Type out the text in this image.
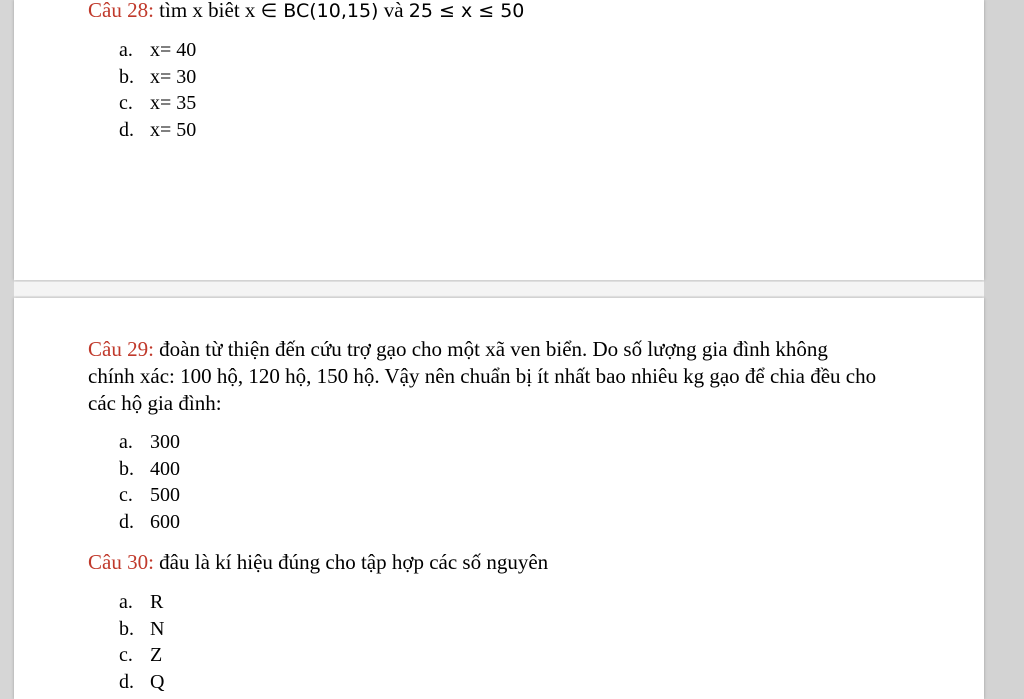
Câu 28: tìm x biêt x ∈ BC(10,15) và 25 ≤ x ≤ 50
a. x= 40
b. x= 30
c. x= 35
d. x= 50
Câu 29: đoàn từ thiện đến cứu trợ gạo cho một xã ven biển. Do số lượng gia đình không chính xác: 100 hộ, 120 hộ, 150 hộ. Vậy nên chuẩn bị ít nhất bao nhiêu kg gạo để chia đều cho các hộ gia đình:
a. 300
b. 400
c. 500
d. 600
Câu 30: đâu là kí hiệu đúng cho tập hợp các số nguyên
a. R
b. N
c. Z
d. Q
